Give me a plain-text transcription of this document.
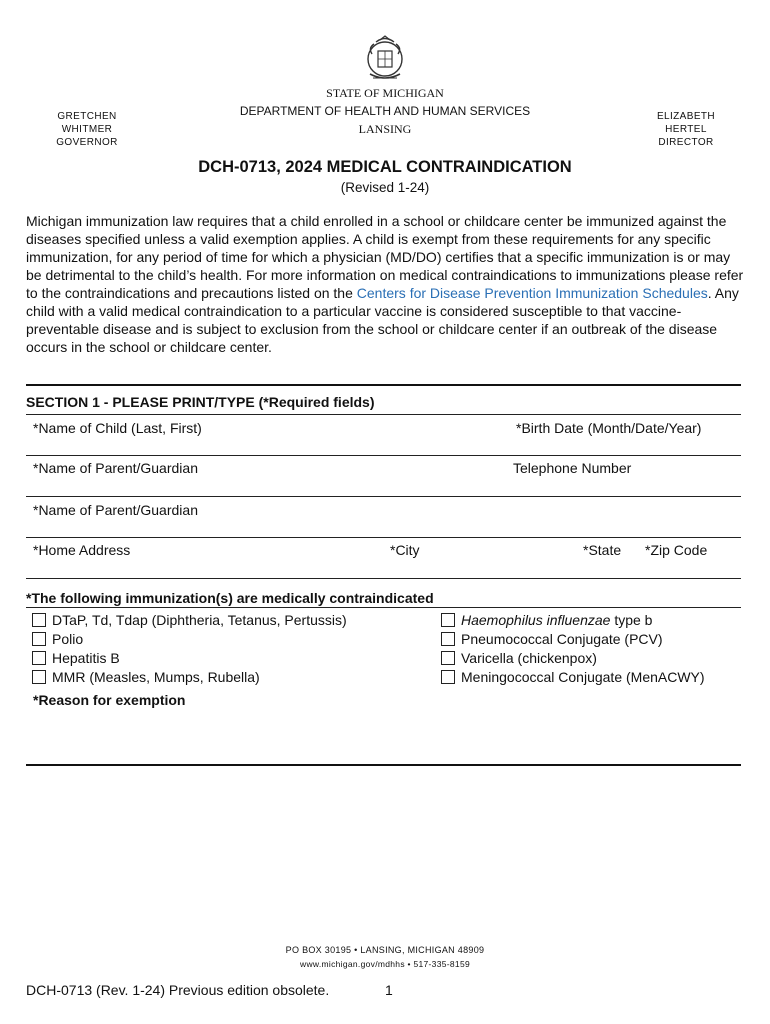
STATE OF MICHIGAN
DEPARTMENT OF HEALTH AND HUMAN SERVICES
LANSING
GRETCHEN WHITMER
GOVERNOR
ELIZABETH HERTEL
DIRECTOR
DCH-0713, 2024 MEDICAL CONTRAINDICATION
(Revised 1-24)
Michigan immunization law requires that a child enrolled in a school or childcare center be immunized against the diseases specified unless a valid exemption applies. A child is exempt from these requirements for any specific immunization, for any period of time for which a physician (MD/DO) certifies that a specific immunization is or may be detrimental to the child’s health. For more information on medical contraindications to immunizations please refer to the contraindications and precautions listed on the Centers for Disease Prevention Immunization Schedules. Any child with a valid medical contraindication to a particular vaccine is considered susceptible to that vaccine-preventable disease and is subject to exclusion from the school or childcare center if an outbreak of the disease occurs in the school or childcare center.
SECTION 1 - PLEASE PRINT/TYPE (*Required fields)
*Name of Child (Last, First)	*Birth Date (Month/Date/Year)
*Name of Parent/Guardian	Telephone Number
*Name of Parent/Guardian
*Home Address	*City	*State *Zip Code
*The following immunization(s) are medically contraindicated
DTaP, Td, Tdap (Diphtheria, Tetanus, Pertussis)
Polio
Hepatitis B
MMR (Measles, Mumps, Rubella)
Haemophilus influenzae type b
Pneumococcal Conjugate (PCV)
Varicella (chickenpox)
Meningococcal Conjugate (MenACWY)
*Reason for exemption
PO BOX 30195 • LANSING, MICHIGAN 48909
www.michigan.gov/mdhhs • 517-335-8159
DCH-0713 (Rev. 1-24) Previous edition obsolete.	1
